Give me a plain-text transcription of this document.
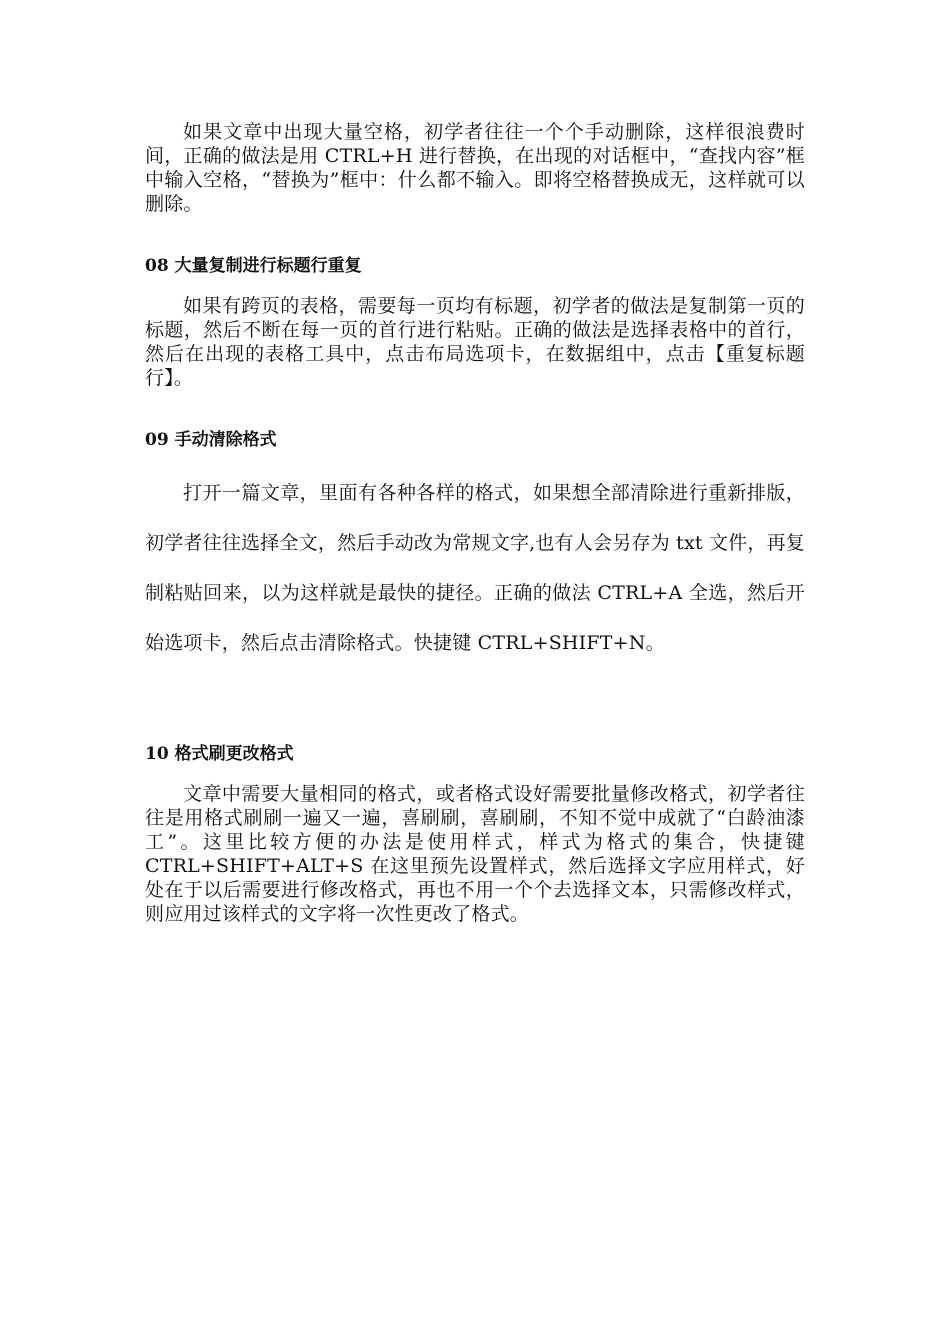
如果文章中出现大量空格，初学者往往一个个手动删除，这样很浪费时间，正确的做法是用 CTRL+H 进行替换，在出现的对话框中，“查找内容”框中输入空格，“替换为”框中：什么都不输入。即将空格替换成无，这样就可以删除。

08 大量复制进行标题行重复

如果有跨页的表格，需要每一页均有标题，初学者的做法是复制第一页的标题，然后不断在每一页的首行进行粘贴。正确的做法是选择表格中的首行，然后在出现的表格工具中，点击布局选项卡，在数据组中，点击【重复标题行】。

09 手动清除格式

打开一篇文章，里面有各种各样的格式，如果想全部清除进行重新排版，初学者往往选择全文，然后手动改为常规文字,也有人会另存为 txt 文件，再复制粘贴回来，以为这样就是最快的捷径。正确的做法 CTRL+A 全选，然后开始选项卡，然后点击清除格式。快捷键 CTRL+SHIFT+N。

10 格式刷更改格式

文章中需要大量相同的格式，或者格式设好需要批量修改格式，初学者往往是用格式刷刷一遍又一遍，喜刷刷，喜刷刷，不知不觉中成就了“白龄油漆工”。这里比较方便的办法是使用样式，样式为格式的集合，快捷键 CTRL+SHIFT+ALT+S 在这里预先设置样式，然后选择文字应用样式，好处在于以后需要进行修改格式，再也不用一个个去选择文本，只需修改样式，则应用过该样式的文字将一次性更改了格式。
